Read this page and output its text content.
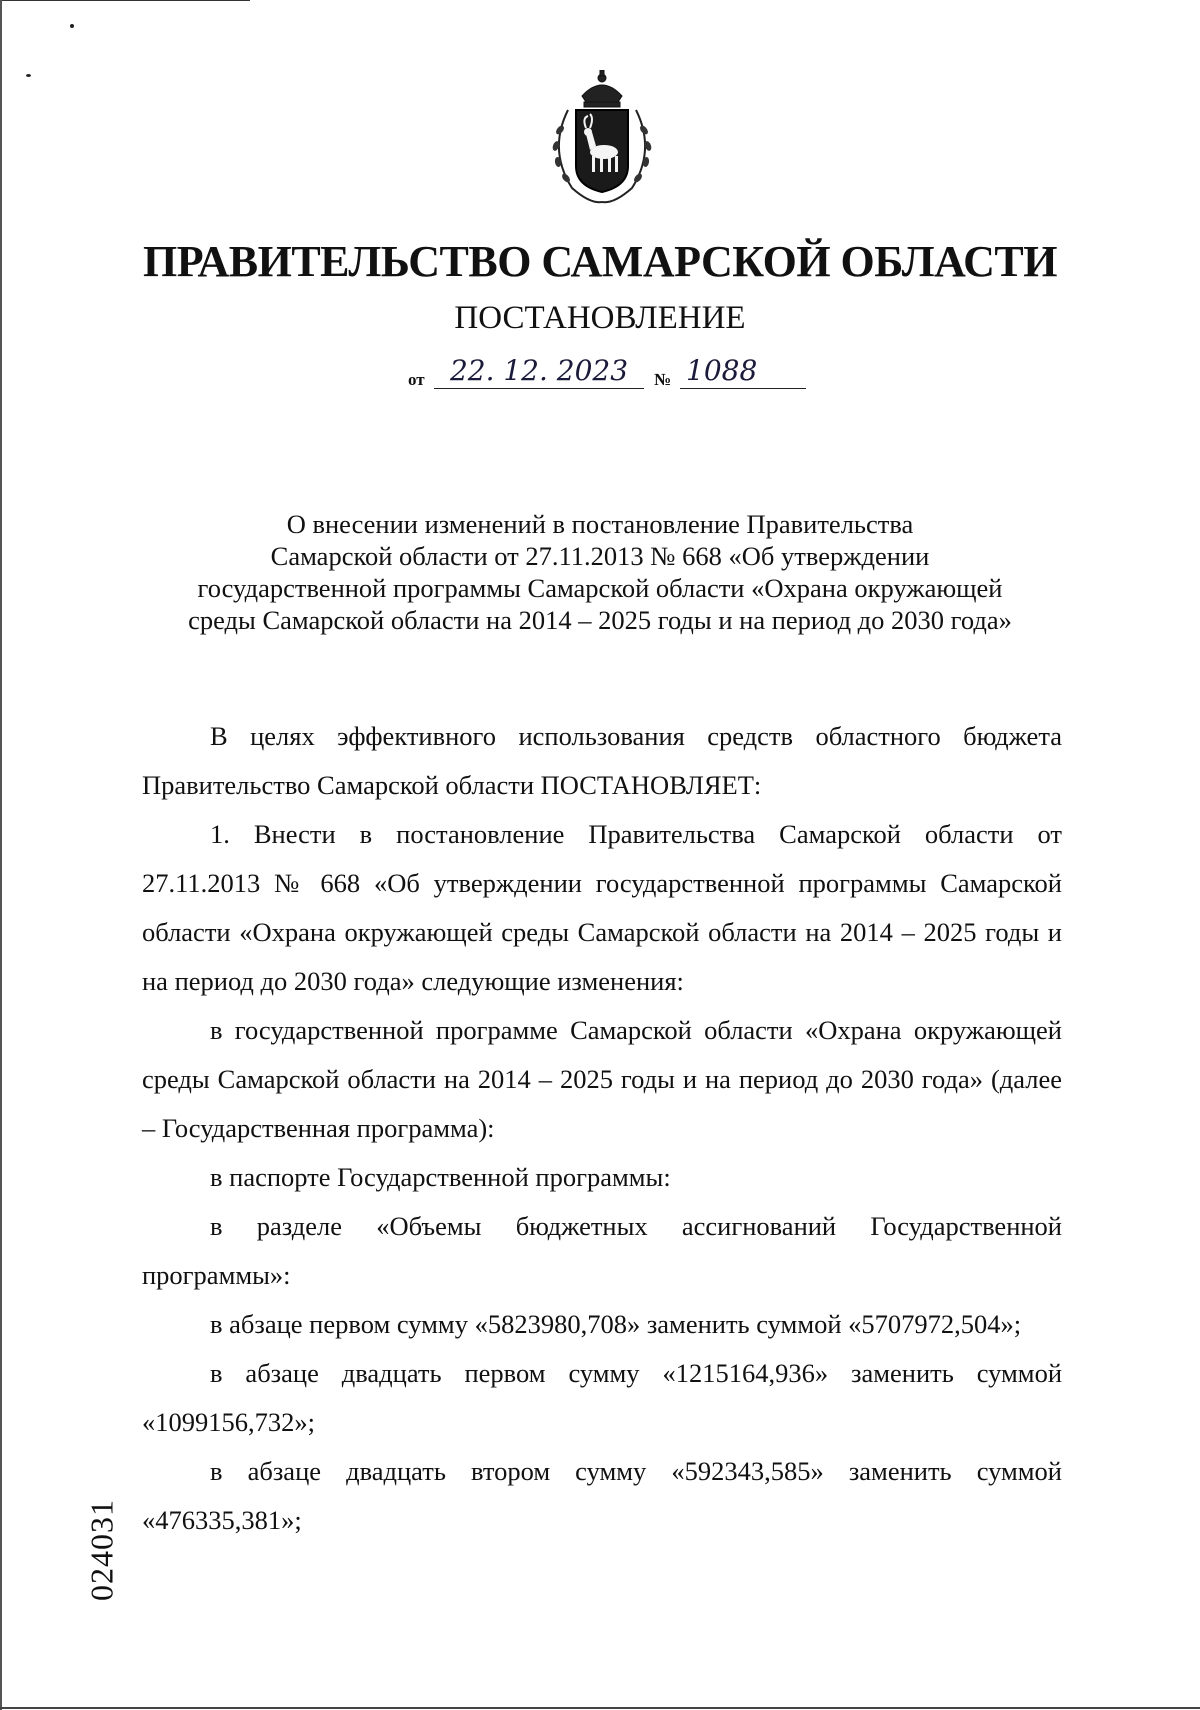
ПРАВИТЕЛЬСТВО САМАРСКОЙ ОБЛАСТИ
ПОСТАНОВЛЕНИЕ
от 22. 12. 2023	№ 1088
О внесении изменений в постановление Правительства
Самарской области от 27.11.2013 № 668 «Об утверждении
государственной программы Самарской области «Охрана окружающей
среды Самарской области на 2014 – 2025 годы и на период до 2030 года»

В целях эффективного использования средств областного бюджета Правительство Самарской области ПОСТАНОВЛЯЕТ:

1. Внести в постановление Правительства Самарской области от 27.11.2013 № 668 «Об утверждении государственной программы Самарской области «Охрана окружающей среды Самарской области на 2014 – 2025 годы и на период до 2030 года» следующие изменения:

в государственной программе Самарской области «Охрана окружающей среды Самарской области на 2014 – 2025 годы и на период до 2030 года» (далее – Государственная программа):

в паспорте Государственной программы:

в разделе «Объемы бюджетных ассигнований Государственной программы»:

в абзаце первом сумму «5823980,708» заменить суммой «5707972,504»;

в абзаце двадцать первом сумму «1215164,936» заменить суммой «1099156,732»;

в абзаце двадцать втором сумму «592343,585» заменить суммой «476335,381»;

024031
